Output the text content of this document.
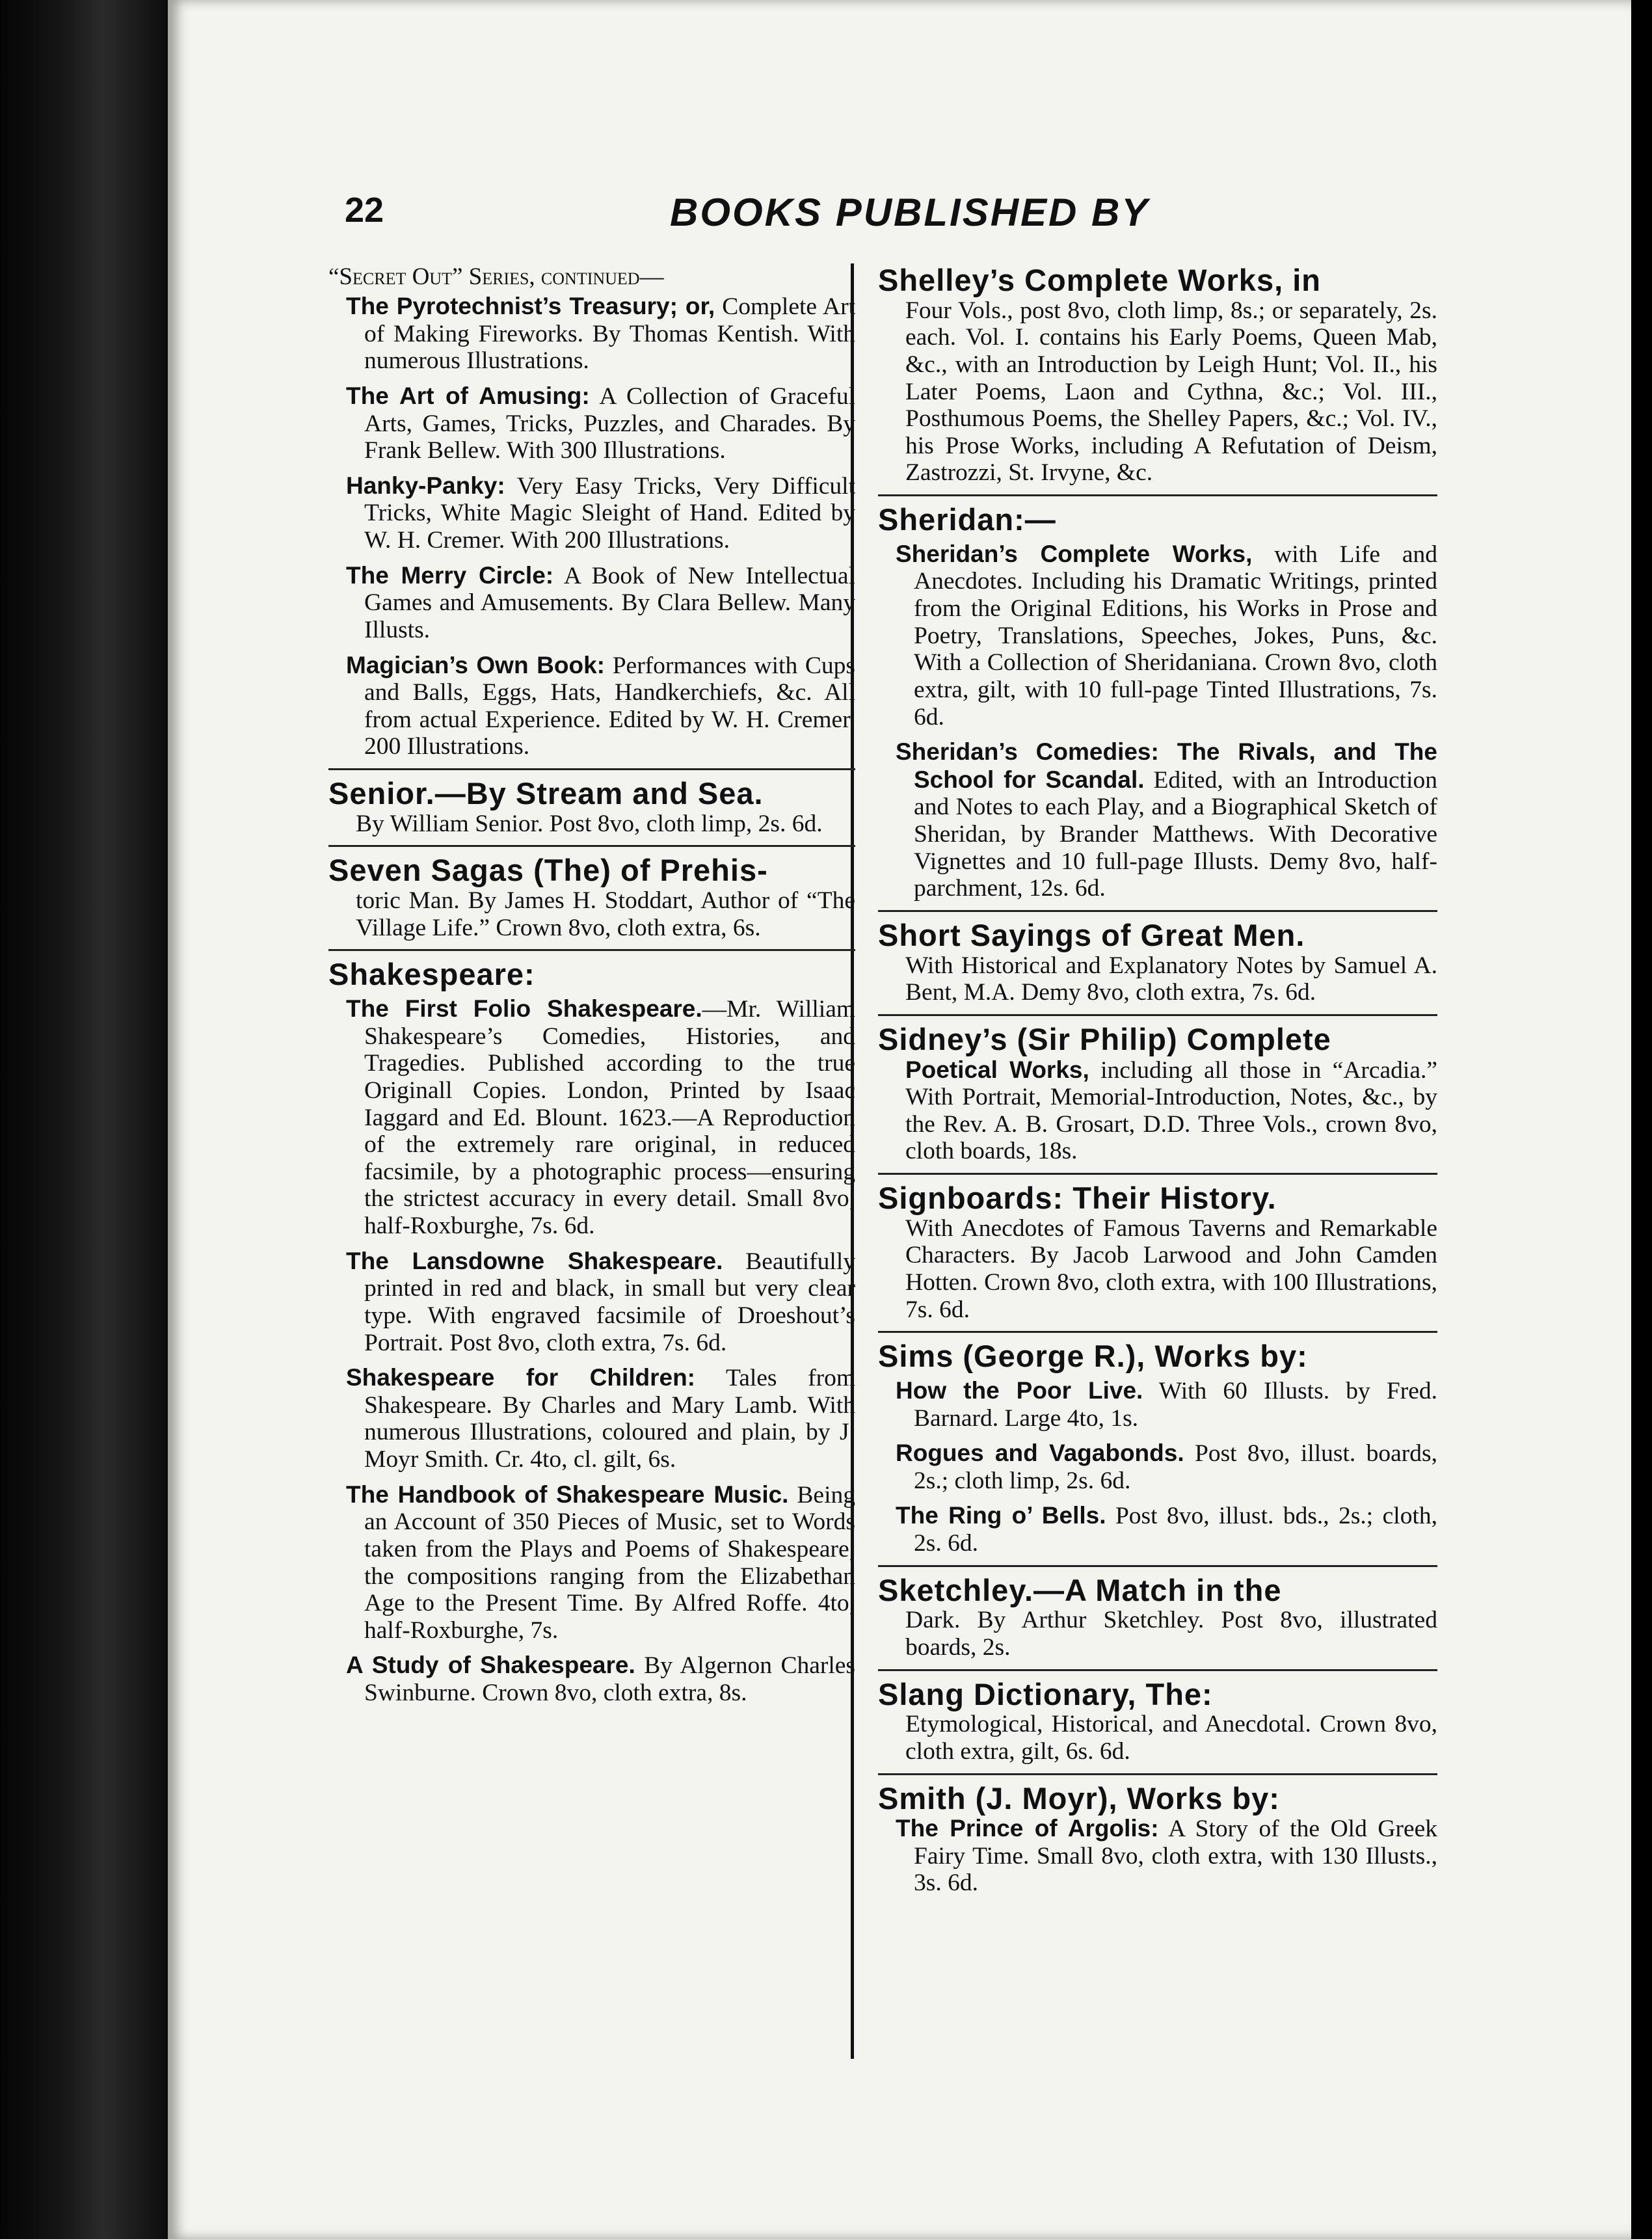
22	BOOKS PUBLISHED BY
“Secret Out” Series, continued—
The Pyrotechnist’s Treasury; or, Complete Art of Making Fireworks. By Thomas Kentish. With numerous Illustrations.
The Art of Amusing: A Collection of Graceful Arts, Games, Tricks, Puzzles, and Charades. By Frank Bellew. With 300 Illustrations.
Hanky-Panky: Very Easy Tricks, Very Difficult Tricks, White Magic Sleight of Hand. Edited by W. H. Cremer. With 200 Illustrations.
The Merry Circle: A Book of New Intellectual Games and Amusements. By Clara Bellew. Many Illusts.
Magician’s Own Book: Performances with Cups and Balls, Eggs, Hats, Handkerchiefs, &c. All from actual Experience. Edited by W. H. Cremer. 200 Illustrations.
Senior.—By Stream and Sea.
By William Senior. Post 8vo, cloth limp, 2s. 6d.
Seven Sagas (The) of Prehis-
toric Man. By James H. Stoddart, Author of “The Village Life.” Crown 8vo, cloth extra, 6s.
Shakespeare:
The First Folio Shakespeare.—Mr. William Shakespeare’s Comedies, Histories, and Tragedies. Published according to the true Originall Copies. London, Printed by Isaac Iaggard and Ed. Blount. 1623.—A Reproduction of the extremely rare original, in reduced facsimile, by a photographic process—ensuring the strictest accuracy in every detail. Small 8vo, half-Roxburghe, 7s. 6d.
The Lansdowne Shakespeare. Beautifully printed in red and black, in small but very clear type. With engraved facsimile of Droeshout’s Portrait. Post 8vo, cloth extra, 7s. 6d.
Shakespeare for Children: Tales from Shakespeare. By Charles and Mary Lamb. With numerous Illustrations, coloured and plain, by J. Moyr Smith. Cr. 4to, cl. gilt, 6s.
The Handbook of Shakespeare Music. Being an Account of 350 Pieces of Music, set to Words taken from the Plays and Poems of Shakespeare, the compositions ranging from the Elizabethan Age to the Present Time. By Alfred Roffe. 4to, half-Roxburghe, 7s.
A Study of Shakespeare. By Algernon Charles Swinburne. Crown 8vo, cloth extra, 8s.
Shelley’s Complete Works, in
Four Vols., post 8vo, cloth limp, 8s.; or separately, 2s. each. Vol. I. contains his Early Poems, Queen Mab, &c., with an Introduction by Leigh Hunt; Vol. II., his Later Poems, Laon and Cythna, &c.; Vol. III., Posthumous Poems, the Shelley Papers, &c.; Vol. IV., his Prose Works, including A Refutation of Deism, Zastrozzi, St. Irvyne, &c.
Sheridan:—
Sheridan’s Complete Works, with Life and Anecdotes. Including his Dramatic Writings, printed from the Original Editions, his Works in Prose and Poetry, Translations, Speeches, Jokes, Puns, &c. With a Collection of Sheridaniana. Crown 8vo, cloth extra, gilt, with 10 full-page Tinted Illustrations, 7s. 6d.
Sheridan’s Comedies: The Rivals, and The School for Scandal. Edited, with an Introduction and Notes to each Play, and a Biographical Sketch of Sheridan, by Brander Matthews. With Decorative Vignettes and 10 full-page Illusts. Demy 8vo, half-parchment, 12s. 6d.
Short Sayings of Great Men.
With Historical and Explanatory Notes by Samuel A. Bent, M.A. Demy 8vo, cloth extra, 7s. 6d.
Sidney’s (Sir Philip) Complete
Poetical Works, including all those in “Arcadia.” With Portrait, Memorial-Introduction, Notes, &c., by the Rev. A. B. Grosart, D.D. Three Vols., crown 8vo, cloth boards, 18s.
Signboards: Their History.
With Anecdotes of Famous Taverns and Remarkable Characters. By Jacob Larwood and John Camden Hotten. Crown 8vo, cloth extra, with 100 Illustrations, 7s. 6d.
Sims (George R.), Works by:
How the Poor Live. With 60 Illusts. by Fred. Barnard. Large 4to, 1s.
Rogues and Vagabonds. Post 8vo, illust. boards, 2s.; cloth limp, 2s. 6d.
The Ring o’ Bells. Post 8vo, illust. bds., 2s.; cloth, 2s. 6d.
Sketchley.—A Match in the
Dark. By Arthur Sketchley. Post 8vo, illustrated boards, 2s.
Slang Dictionary, The:
Etymological, Historical, and Anecdotal. Crown 8vo, cloth extra, gilt, 6s. 6d.
Smith (J. Moyr), Works by:
The Prince of Argolis: A Story of the Old Greek Fairy Time. Small 8vo, cloth extra, with 130 Illusts., 3s. 6d.
